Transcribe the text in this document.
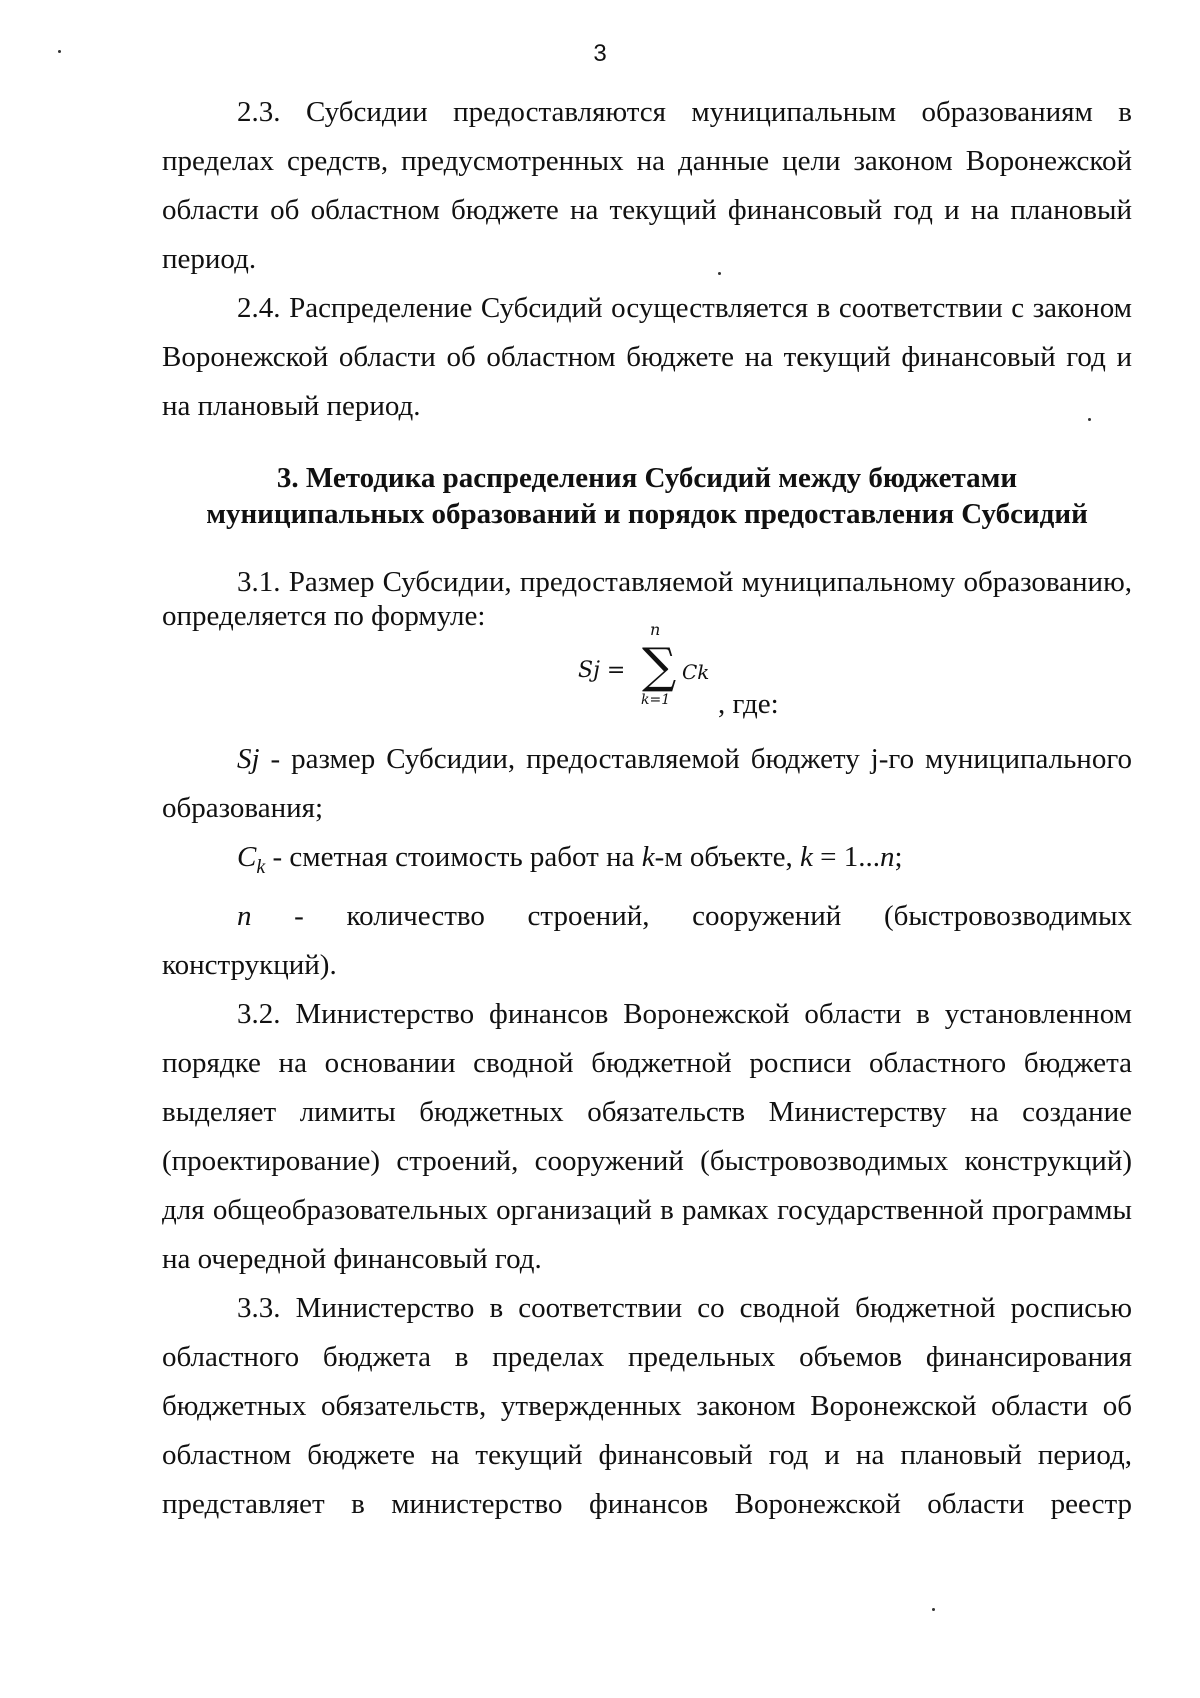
3

2.3. Субсидии предоставляются муниципальным образованиям в пределах средств, предусмотренных на данные цели законом Воронежской области об областном бюджете на текущий финансовый год и на плановый период.

2.4. Распределение Субсидий осуществляется в соответствии с законом Воронежской области об областном бюджете на текущий финансовый год и на плановый период.

3. Методика распределения Субсидий между бюджетами
муниципальных образований и порядок предоставления Субсидий

3.1. Размер Субсидии, предоставляемой муниципальному образованию, определяется по формуле:

Sj =
n
∑
k=1
Ck
, где:

Sj - размер Субсидии, предоставляемой бюджету j-го муниципального образования;

$C_k$ - сметная стоимость работ на k-м объекте, k = 1...n;

n - количество строений, сооружений (быстровозводимых

конструкций).

3.2. Министерство финансов Воронежской области в установленном порядке на основании сводной бюджетной росписи областного бюджета выделяет лимиты бюджетных обязательств Министерству на создание (проектирование) строений, сооружений (быстровозводимых конструкций) для общеобразовательных организаций в рамках государственной программы на очередной финансовый год.

3.3. Министерство в соответствии со сводной бюджетной росписью областного бюджета в пределах предельных объемов финансирования бюджетных обязательств, утвержденных законом Воронежской области об областном бюджете на текущий финансовый год и на плановый период, представляет в министерство финансов Воронежской области реестр
